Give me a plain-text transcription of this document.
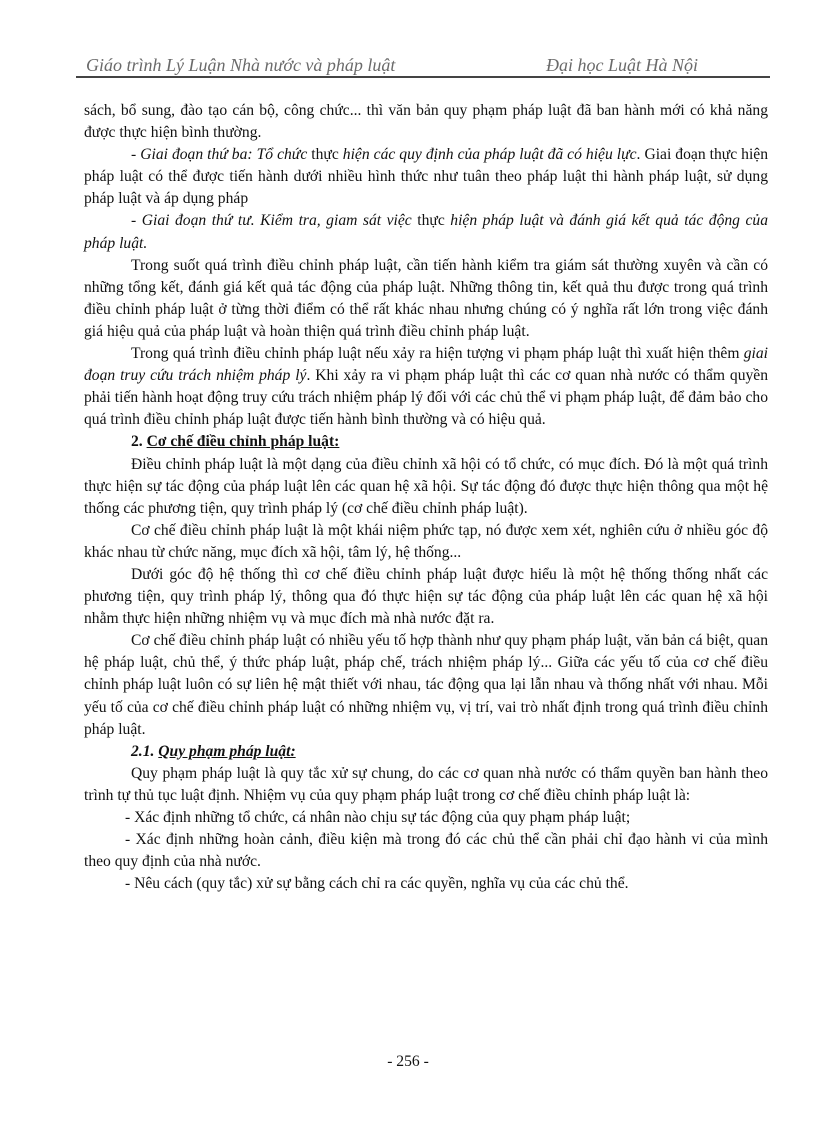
Giáo trình Lý Luận Nhà nước và pháp luật	Đại học Luật Hà Nội

sách, bổ sung, đào tạo cán bộ, công chức... thì văn bản quy phạm pháp luật đã ban hành mới có khả năng được thực hiện bình thường.

- Giai đoạn thứ ba: Tổ chức thực hiện các quy định của pháp luật đã có hiệu lực. Giai đoạn thực hiện pháp luật có thể được tiến hành dưới nhiều hình thức như tuân theo pháp luật thi hành pháp luật, sử dụng pháp luật và áp dụng pháp

- Giai đoạn thứ tư. Kiểm tra, giam sát việc thực hiện pháp luật và đánh giá kết quả tác động của pháp luật.

Trong suốt quá trình điều chỉnh pháp luật, cần tiến hành kiểm tra giám sát thường xuyên và cần có những tổng kết, đánh giá kết quả tác động của pháp luật. Những thông tin, kết quả thu được trong quá trình điều chỉnh pháp luật ở từng thời điểm có thể rất khác nhau nhưng chúng có ý nghĩa rất lớn trong việc đánh giá hiệu quả của pháp luật và hoàn thiện quá trình điều chỉnh pháp luật.

Trong quá trình điều chỉnh pháp luật nếu xảy ra hiện tượng vi phạm pháp luật thì xuất hiện thêm giai đoạn truy cứu trách nhiệm pháp lý. Khi xảy ra vi phạm pháp luật thì các cơ quan nhà nước có thẩm quyền phải tiến hành hoạt động truy cứu trách nhiệm pháp lý đối với các chủ thể vi phạm pháp luật, để đảm bảo cho quá trình điều chỉnh pháp luật được tiến hành bình thường và có hiệu quả.

2. Cơ chế điều chỉnh pháp luật:

Điều chỉnh pháp luật là một dạng của điều chỉnh xã hội có tổ chức, có mục đích. Đó là một quá trình thực hiện sự tác động của pháp luật lên các quan hệ xã hội. Sự tác động đó được thực hiện thông qua một hệ thống các phương tiện, quy trình pháp lý (cơ chế điều chỉnh pháp luật).

Cơ chế điều chỉnh pháp luật là một khái niệm phức tạp, nó được xem xét, nghiên cứu ở nhiều góc độ khác nhau từ chức năng, mục đích xã hội, tâm lý, hệ thống...

Dưới góc độ hệ thống thì cơ chế điều chỉnh pháp luật được hiểu là một hệ thống thống nhất các phương tiện, quy trình pháp lý, thông qua đó thực hiện sự tác động của pháp luật lên các quan hệ xã hội nhằm thực hiện những nhiệm vụ và mục đích mà nhà nước đặt ra.

Cơ chế điều chỉnh pháp luật có nhiều yếu tố hợp thành như quy phạm pháp luật, văn bản cá biệt, quan hệ pháp luật, chủ thể, ý thức pháp luật, pháp chế, trách nhiệm pháp lý... Giữa các yếu tố của cơ chế điều chỉnh pháp luật luôn có sự liên hệ mật thiết với nhau, tác động qua lại lẫn nhau và thống nhất với nhau. Mỗi yếu tố của cơ chế điều chỉnh pháp luật có những nhiệm vụ, vị trí, vai trò nhất định trong quá trình điều chỉnh pháp luật.

2.1. Quy phạm pháp luật:

Quy phạm pháp luật là quy tắc xử sự chung, do các cơ quan nhà nước có thẩm quyền ban hành theo trình tự thủ tục luật định. Nhiệm vụ của quy phạm pháp luật trong cơ chế điều chỉnh pháp luật là:

- Xác định những tổ chức, cá nhân nào chịu sự tác động của quy phạm pháp luật;

- Xác định những hoàn cảnh, điều kiện mà trong đó các chủ thể cần phải chỉ đạo hành vi của mình theo quy định của nhà nước.

- Nêu cách (quy tắc) xử sự bằng cách chỉ ra các quyền, nghĩa vụ của các chủ thể.

- 256 -
